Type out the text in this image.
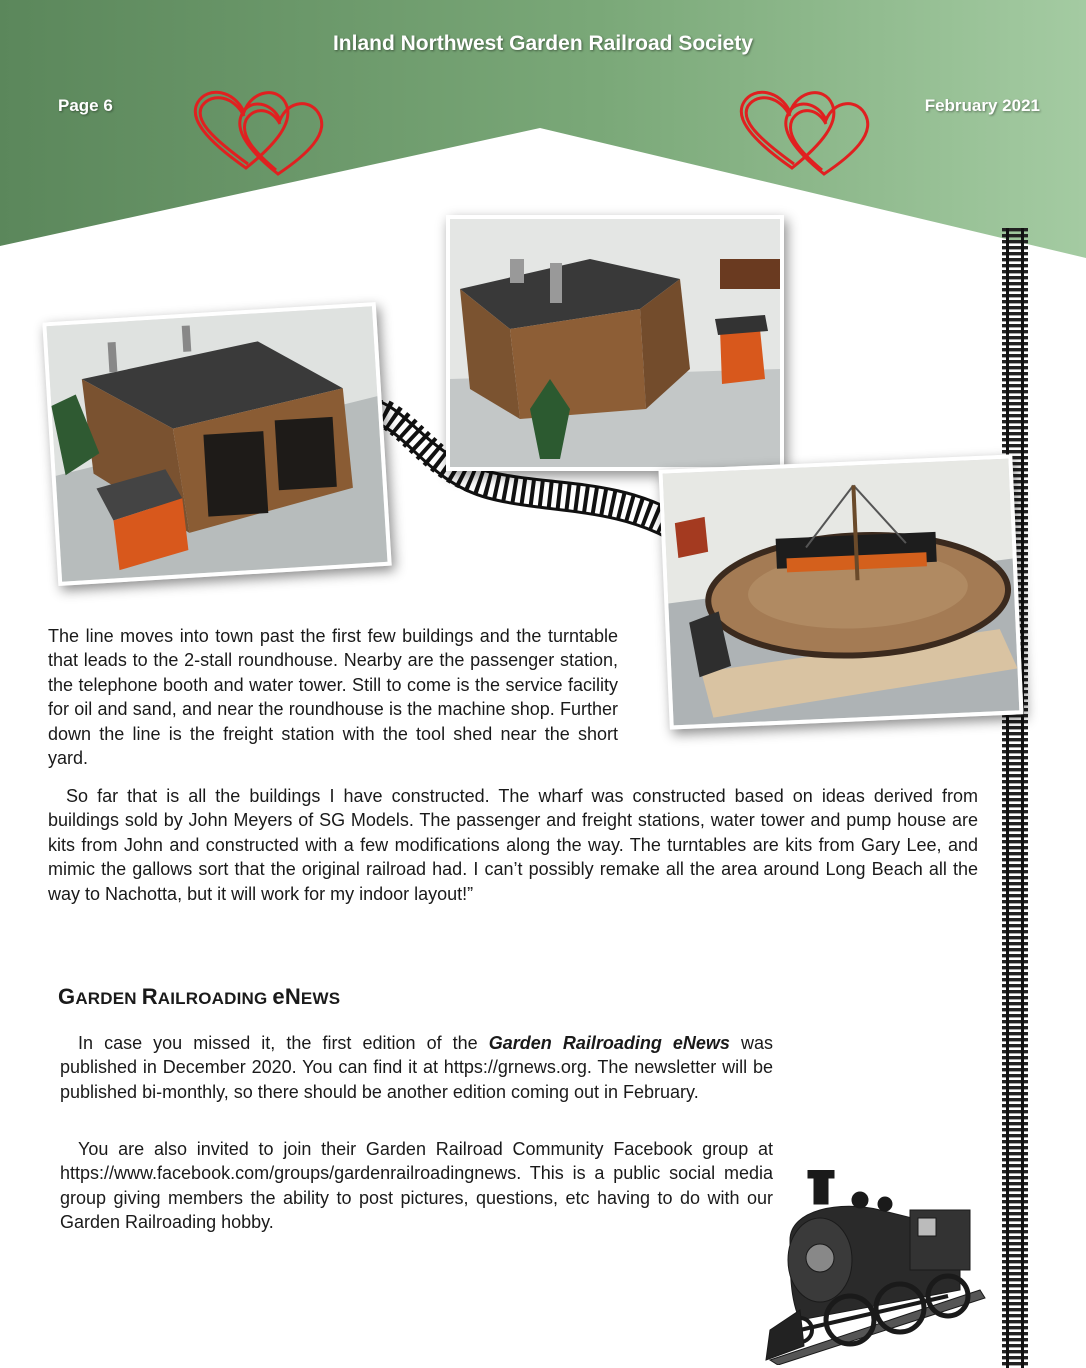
Inland Northwest Garden Railroad Society
Page 6	February 2021

The line moves into town past the first few buildings and the turntable that leads to the 2-stall roundhouse. Nearby are the passenger station, the telephone booth and water tower. Still to come is the service facility for oil and sand, and near the roundhouse is the machine shop. Further down the line is the freight station with the tool shed near the short yard.

So far that is all the buildings I have constructed. The wharf was constructed based on ideas derived from buildings sold by John Meyers of SG Models. The passenger and freight stations, water tower and pump house are kits from John and constructed with a few modifications along the way. The turntables are kits from Gary Lee, and mimic the gallows sort that the original railroad had. I can’t possibly remake all the area around Long Beach all the way to Nachotta, but it will work for my indoor layout!”

GARDEN RAILROADING eNEWS

In case you missed it, the first edition of the Garden Railroading eNews was published in December 2020. You can find it at https://grnews.org. The newsletter will be published bi-monthly, so there should be another edition coming out in February.

You are also invited to join their Garden Railroad Community Facebook group at https://www.facebook.com/groups/gardenrailroadingnews. This is a public social media group giving members the ability to post pictures, questions, etc having to do with our Garden Railroading hobby.
